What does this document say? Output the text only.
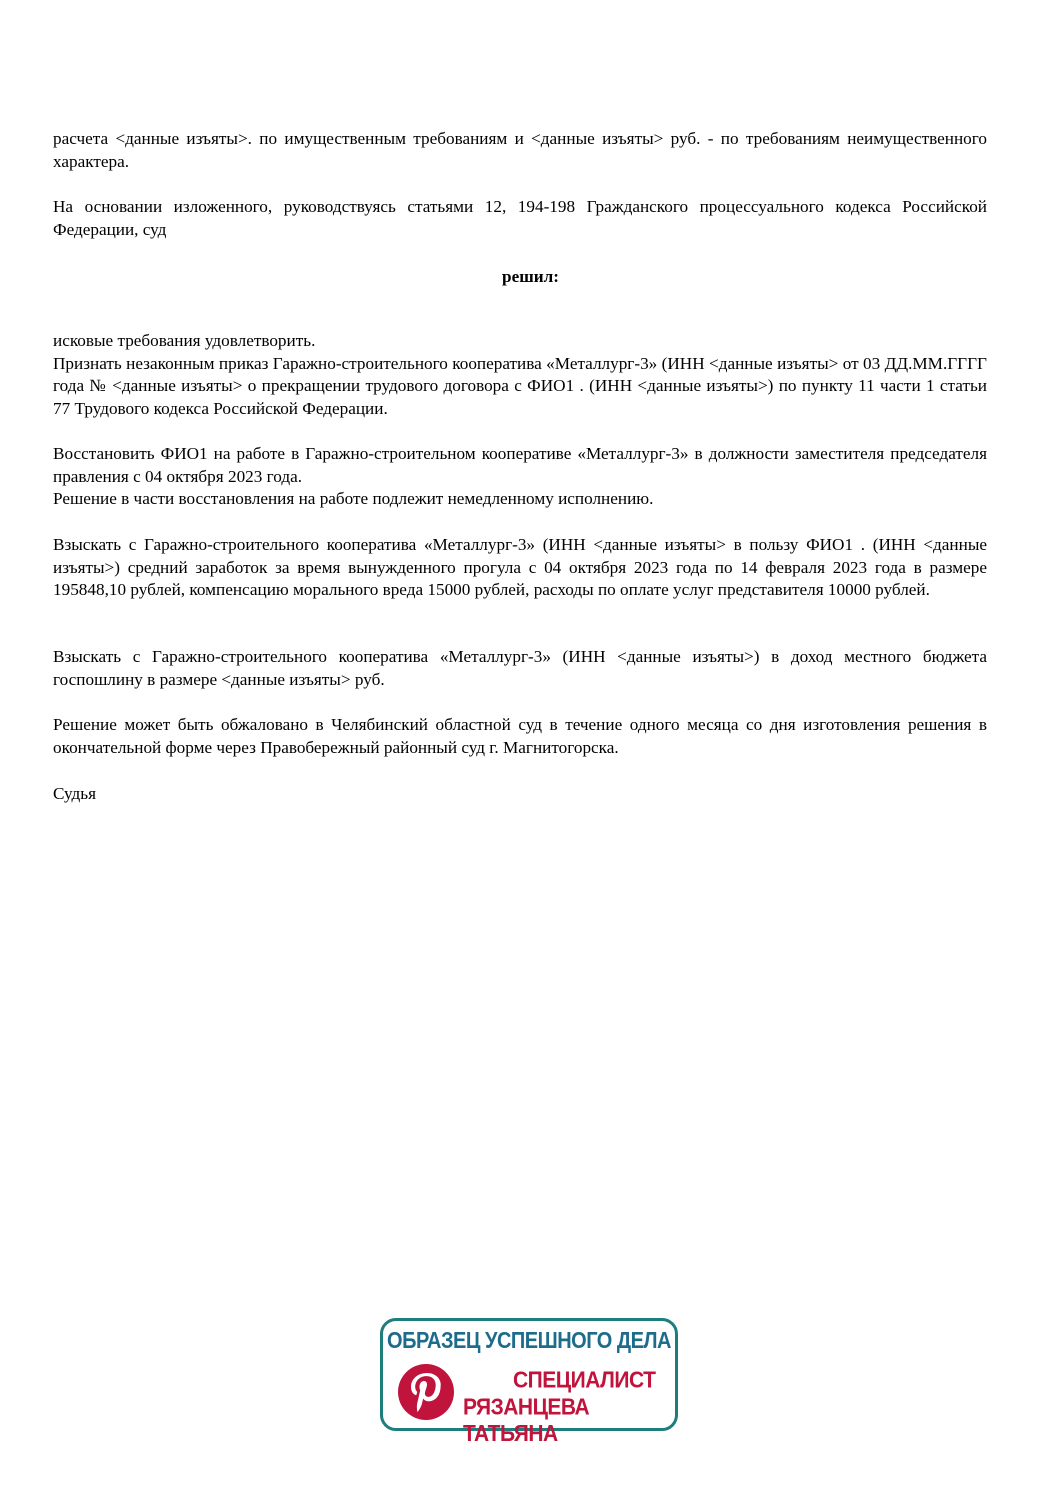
расчета <данные изъяты>. по имущественным требованиям и <данные изъяты> руб. - по требованиям неимущественного характера.

На основании изложенного, руководствуясь статьями 12, 194-198 Гражданского процессуального кодекса Российской Федерации, суд

решил:

исковые требования удовлетворить.

Признать незаконным приказ Гаражно-строительного кооператива «Металлург-3» (ИНН <данные изъяты> от 03 ДД.ММ.ГГГГ года № <данные изъяты> о прекращении трудового договора с ФИО1 . (ИНН <данные изъяты>) по пункту 11 части 1 статьи 77 Трудового кодекса Российской Федерации.

Восстановить ФИО1 на работе в Гаражно-строительном кооперативе «Металлург-3» в должности заместителя председателя правления с 04 октября 2023 года.

Решение в части восстановления на работе подлежит немедленному исполнению.

Взыскать с Гаражно-строительного кооператива «Металлург-3» (ИНН <данные изъяты> в пользу ФИО1 . (ИНН <данные изъяты>) средний заработок за время вынужденного прогула с 04 октября 2023 года по 14 февраля 2023 года в размере 195848,10 рублей, компенсацию морального вреда 15000 рублей, расходы по оплате услуг представителя 10000 рублей.

Взыскать с Гаражно-строительного кооператива «Металлург-3» (ИНН <данные изъяты>) в доход местного бюджета госпошлину в размере <данные изъяты> руб.

Решение может быть обжаловано в Челябинский областной суд в течение одного месяца со дня изготовления решения в окончательной форме через Правобережный районный суд г. Магнитогорска.

Судья

ОБРАЗЕЦ УСПЕШНОГО ДЕЛА
СПЕЦИАЛИСТ
РЯЗАНЦЕВА ТАТЬЯНА
